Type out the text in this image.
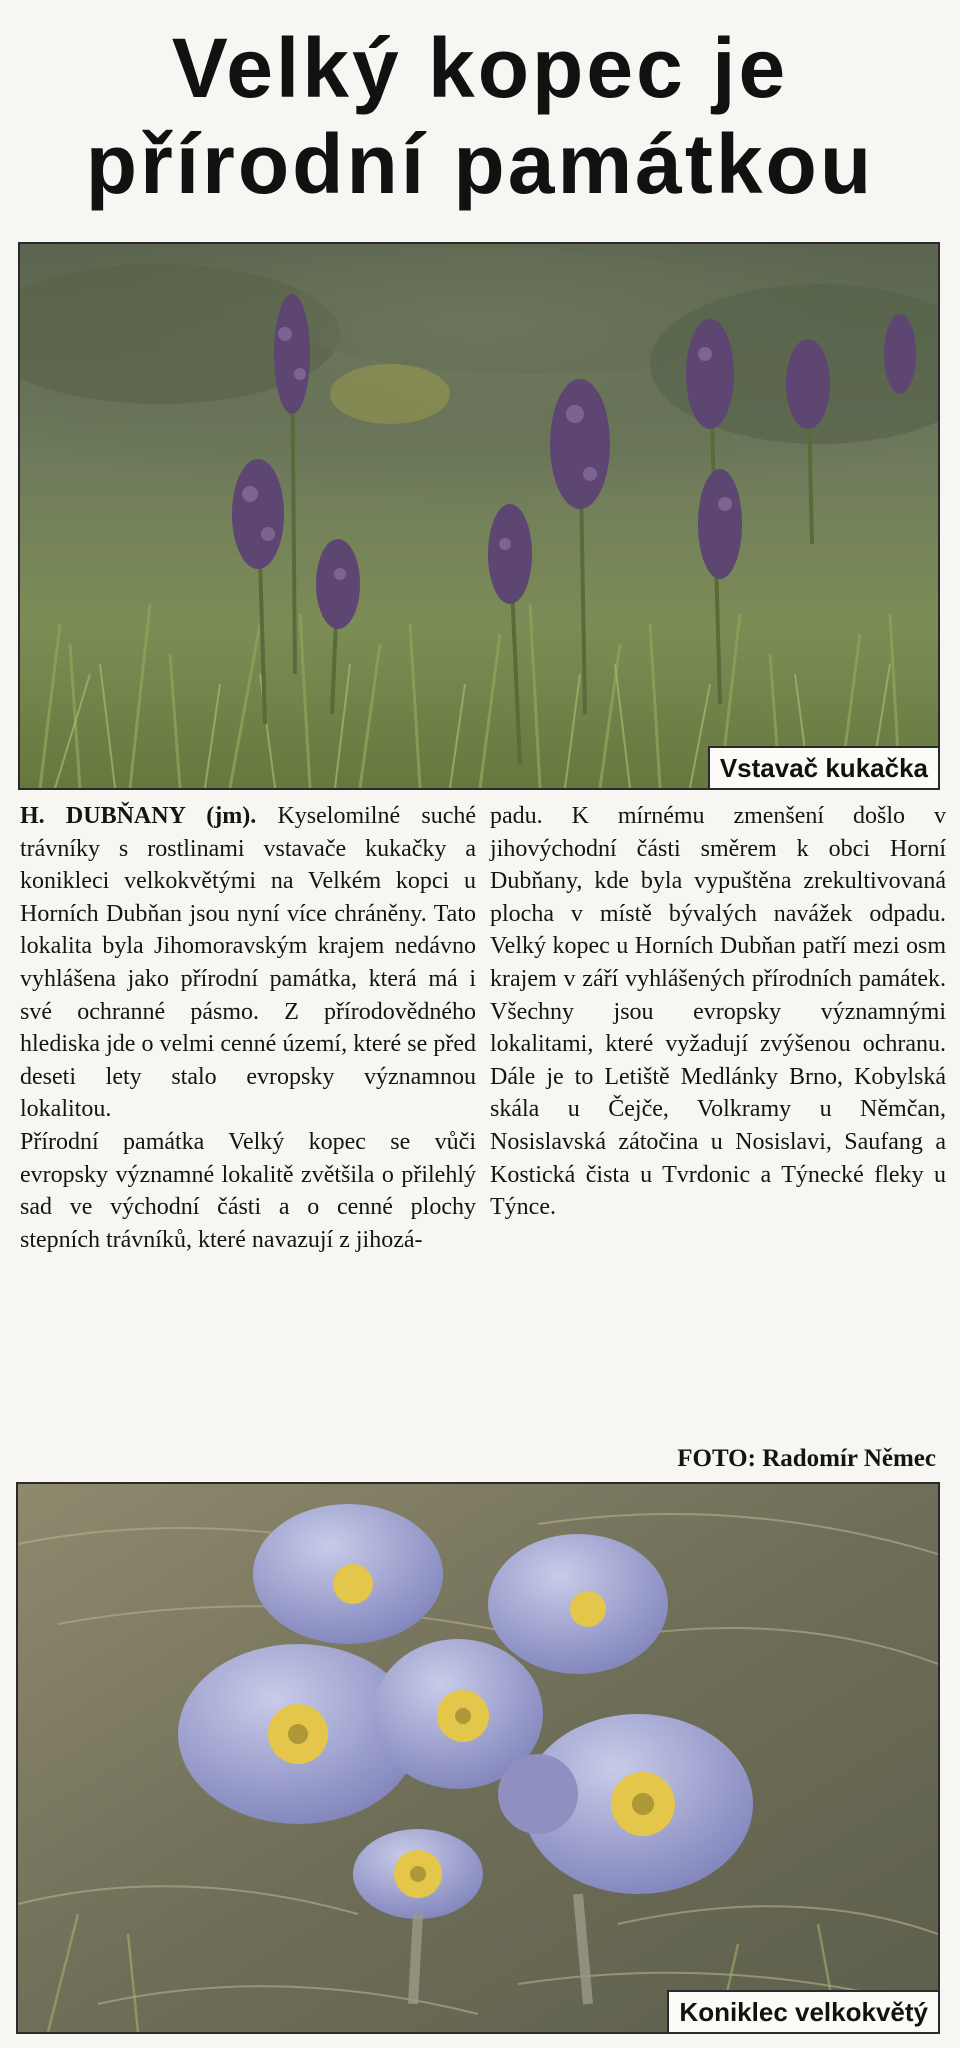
Velký kopec je
přírodní památkou
Vstavač kukačka

H. DUBŇANY (jm). Kyselomilné suché trávníky s rostlinami vstavače kukačky a konikleci velkokvětými na Velkém kopci u Horních Dubňan jsou nyní více chráněny. Tato lokalita byla Jihomoravským krajem nedávno vyhlášena jako přírodní památka, která má i své ochranné pásmo. Z přírodovědného hlediska jde o velmi cenné území, které se před deseti lety stalo evropsky významnou lokalitou.

Přírodní památka Velký kopec se vůči evropsky významné lokalitě zvětšila o přilehlý sad ve východní části a o cenné plochy stepních trávníků, které navazují z jihozá-

padu. K mírnému zmenšení došlo v jihovýchodní části směrem k obci Horní Dubňany, kde byla vypuštěna zrekultivovaná plocha v místě bývalých navážek odpadu. Velký kopec u Horních Dubňan patří mezi osm krajem v září vyhlášených přírodních památek. Všechny jsou evropsky významnými lokalitami, které vyžadují zvýšenou ochranu. Dále je to Letiště Medlánky Brno, Kobylská skála u Čejče, Volkramy u Němčan, Nosislavská zátočina u Nosislavi, Saufang a Kostická čista u Tvrdonic a Týnecké fleky u Týnce.

FOTO: Radomír Němec
Koniklec velkokvětý
